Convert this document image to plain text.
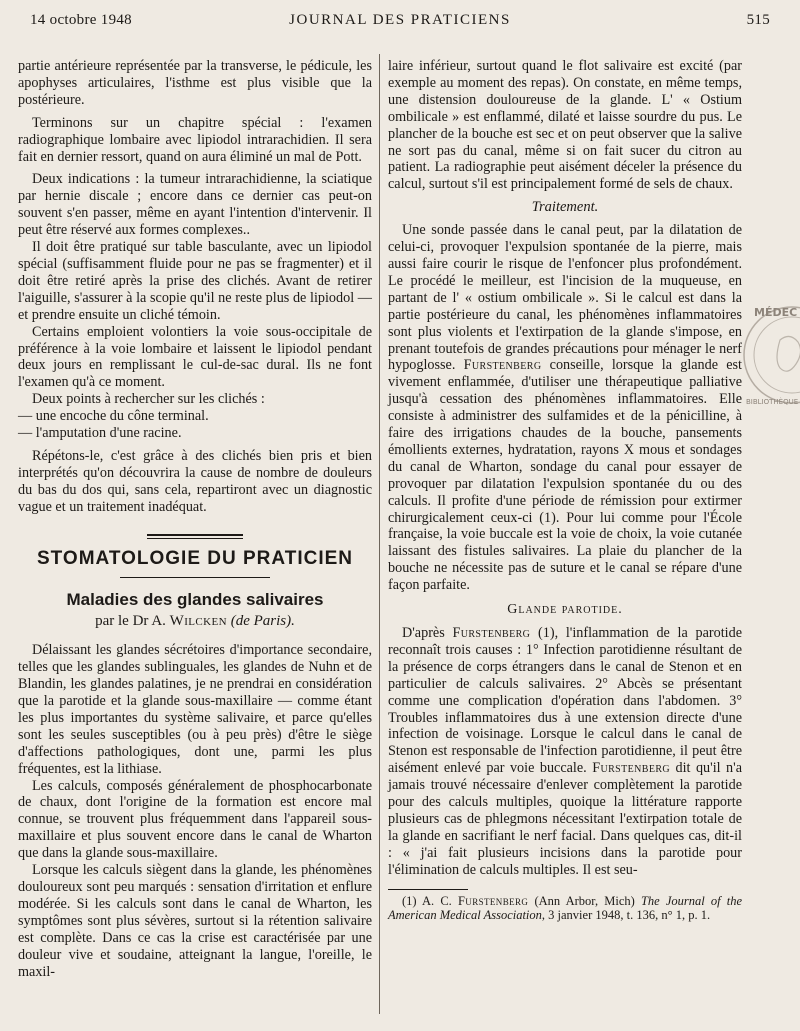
14 octobre 1948	JOURNAL DES PRATICIENS	515

partie antérieure représentée par la transverse, le pédicule, les apophyses articulaires, l'isthme est plus visible que la postérieure.

Terminons sur un chapitre spécial : l'examen radiographique lombaire avec lipiodol intrarachidien. Il sera fait en dernier ressort, quand on aura éliminé un mal de Pott.

Deux indications : la tumeur intrarachidienne, la sciatique par hernie discale ; encore dans ce dernier cas peut-on souvent s'en passer, même en ayant l'intention d'intervenir. Il peut être réservé aux formes complexes..

Il doit être pratiqué sur table basculante, avec un lipiodol spécial (suffisamment fluide pour ne pas se fragmenter) et il doit être retiré après la prise des clichés. Avant de retirer l'aiguille, s'assurer à la scopie qu'il ne reste plus de lipiodol — et prendre ensuite un cliché témoin.

Certains emploient volontiers la voie sous-occipitale de préférence à la voie lombaire et laissent le lipiodol pendant deux jours en remplissant le cul-de-sac dural. Ils ne font l'examen qu'à ce moment.

Deux points à rechercher sur les clichés :

— une encoche du cône terminal.

— l'amputation d'une racine.

Répétons-le, c'est grâce à des clichés bien pris et bien interprétés qu'on découvrira la cause de nombre de douleurs du bas du dos qui, sans cela, repartiront avec un diagnostic vague et un traitement inadéquat.

STOMATOLOGIE DU PRATICIEN
Maladies des glandes salivaires
par le Dr A. Wilcken (de Paris).

Délaissant les glandes sécrétoires d'importance secondaire, telles que les glandes sublinguales, les glandes de Nuhn et de Blandin, les glandes palatines, je ne prendrai en considération que la parotide et la glande sous-maxillaire — comme étant les plus importantes du système salivaire, et parce qu'elles sont les seules susceptibles (ou à peu près) d'être le siège d'affections pathologiques, dont une, parmi les plus fréquentes, est la lithiase.

Les calculs, composés généralement de phosphocarbonate de chaux, dont l'origine de la formation est encore mal connue, se trouvent plus fréquemment dans l'appareil sous-maxillaire et plus souvent encore dans le canal de Wharton que dans la glande sous-maxillaire.

Lorsque les calculs siègent dans la glande, les phénomènes douloureux sont peu marqués : sensation d'irritation et enflure modérée. Si les calculs sont dans le canal de Wharton, les symptômes sont plus sévères, surtout si la rétention salivaire est complète. Dans ce cas la crise est caractérisée par une douleur vive et soudaine, atteignant la langue, l'oreille, le maxil-

laire inférieur, surtout quand le flot salivaire est excité (par exemple au moment des repas). On constate, en même temps, une distension douloureuse de la glande. L' « Ostium ombilicale » est enflammé, dilaté et laisse sourdre du pus. Le plancher de la bouche est sec et on peut observer que la salive ne sort pas du canal, même si on fait sucer du citron au patient. La radiographie peut aisément déceler la présence du calcul, surtout s'il est principalement formé de sels de chaux.

Traitement.

Une sonde passée dans le canal peut, par la dilatation de celui-ci, provoquer l'expulsion spontanée de la pierre, mais aussi faire courir le risque de l'enfoncer plus profondément. Le procédé le meilleur, est l'incision de la muqueuse, en partant de l' « ostium ombilicale ». Si le calcul est dans la partie postérieure du canal, les phénomènes inflammatoires sont plus violents et l'extirpation de la glande s'impose, en prenant toutefois de grandes précautions pour ménager le nerf hypoglosse. Furstenberg conseille, lorsque la glande est vivement enflammée, d'utiliser une thérapeutique palliative jusqu'à cessation des phénomènes inflammatoires. Elle consiste à administrer des sulfamides et de la pénicilline, à faire des irrigations chaudes de la bouche, pansements émollients externes, hydratation, rayons X mous et sondages du canal de Wharton, sondage du canal pour essayer de provoquer par dilatation l'expulsion spontanée du ou des calculs. Il profite d'une période de rémission pour extirmer chirurgicalement ceux-ci (1). Pour lui comme pour l'École française, la voie buccale est la voie de choix, la voie cutanée laissant des fistules salivaires. La plaie du plancher de la bouche ne nécessite pas de suture et le canal se répare d'une façon parfaite.

Glande parotide.

D'après Furstenberg (1), l'inflammation de la parotide reconnaît trois causes : 1° Infection parotidienne résultant de la présence de corps étrangers dans le canal de Stenon et en particulier de calculs salivaires. 2° Abcès se présentant comme une complication d'opération dans l'abdomen. 3° Troubles inflammatoires dus à une extension directe d'une infection de voisinage. Lorsque le calcul dans le canal de Stenon est responsable de l'infection parotidienne, il peut être aisément enlevé par voie buccale. Furstenberg dit qu'il n'a jamais trouvé nécessaire d'enlever complètement la parotide pour des calculs multiples, quoique la littérature rapporte plusieurs cas de phlegmons nécessitant l'extirpation totale de la glande en sacrifiant le nerf facial. Dans quelques cas, dit-il : « j'ai fait plusieurs incisions dans la parotide pour l'élimination de calculs multiples. Il est seu-

(1) A. C. Furstenberg (Ann Arbor, Mich) The Journal of the American Medical Association, 3 janvier 1948, t. 136, n° 1, p. 1.
MÉDEC
BIBLIOTHÈQUE
